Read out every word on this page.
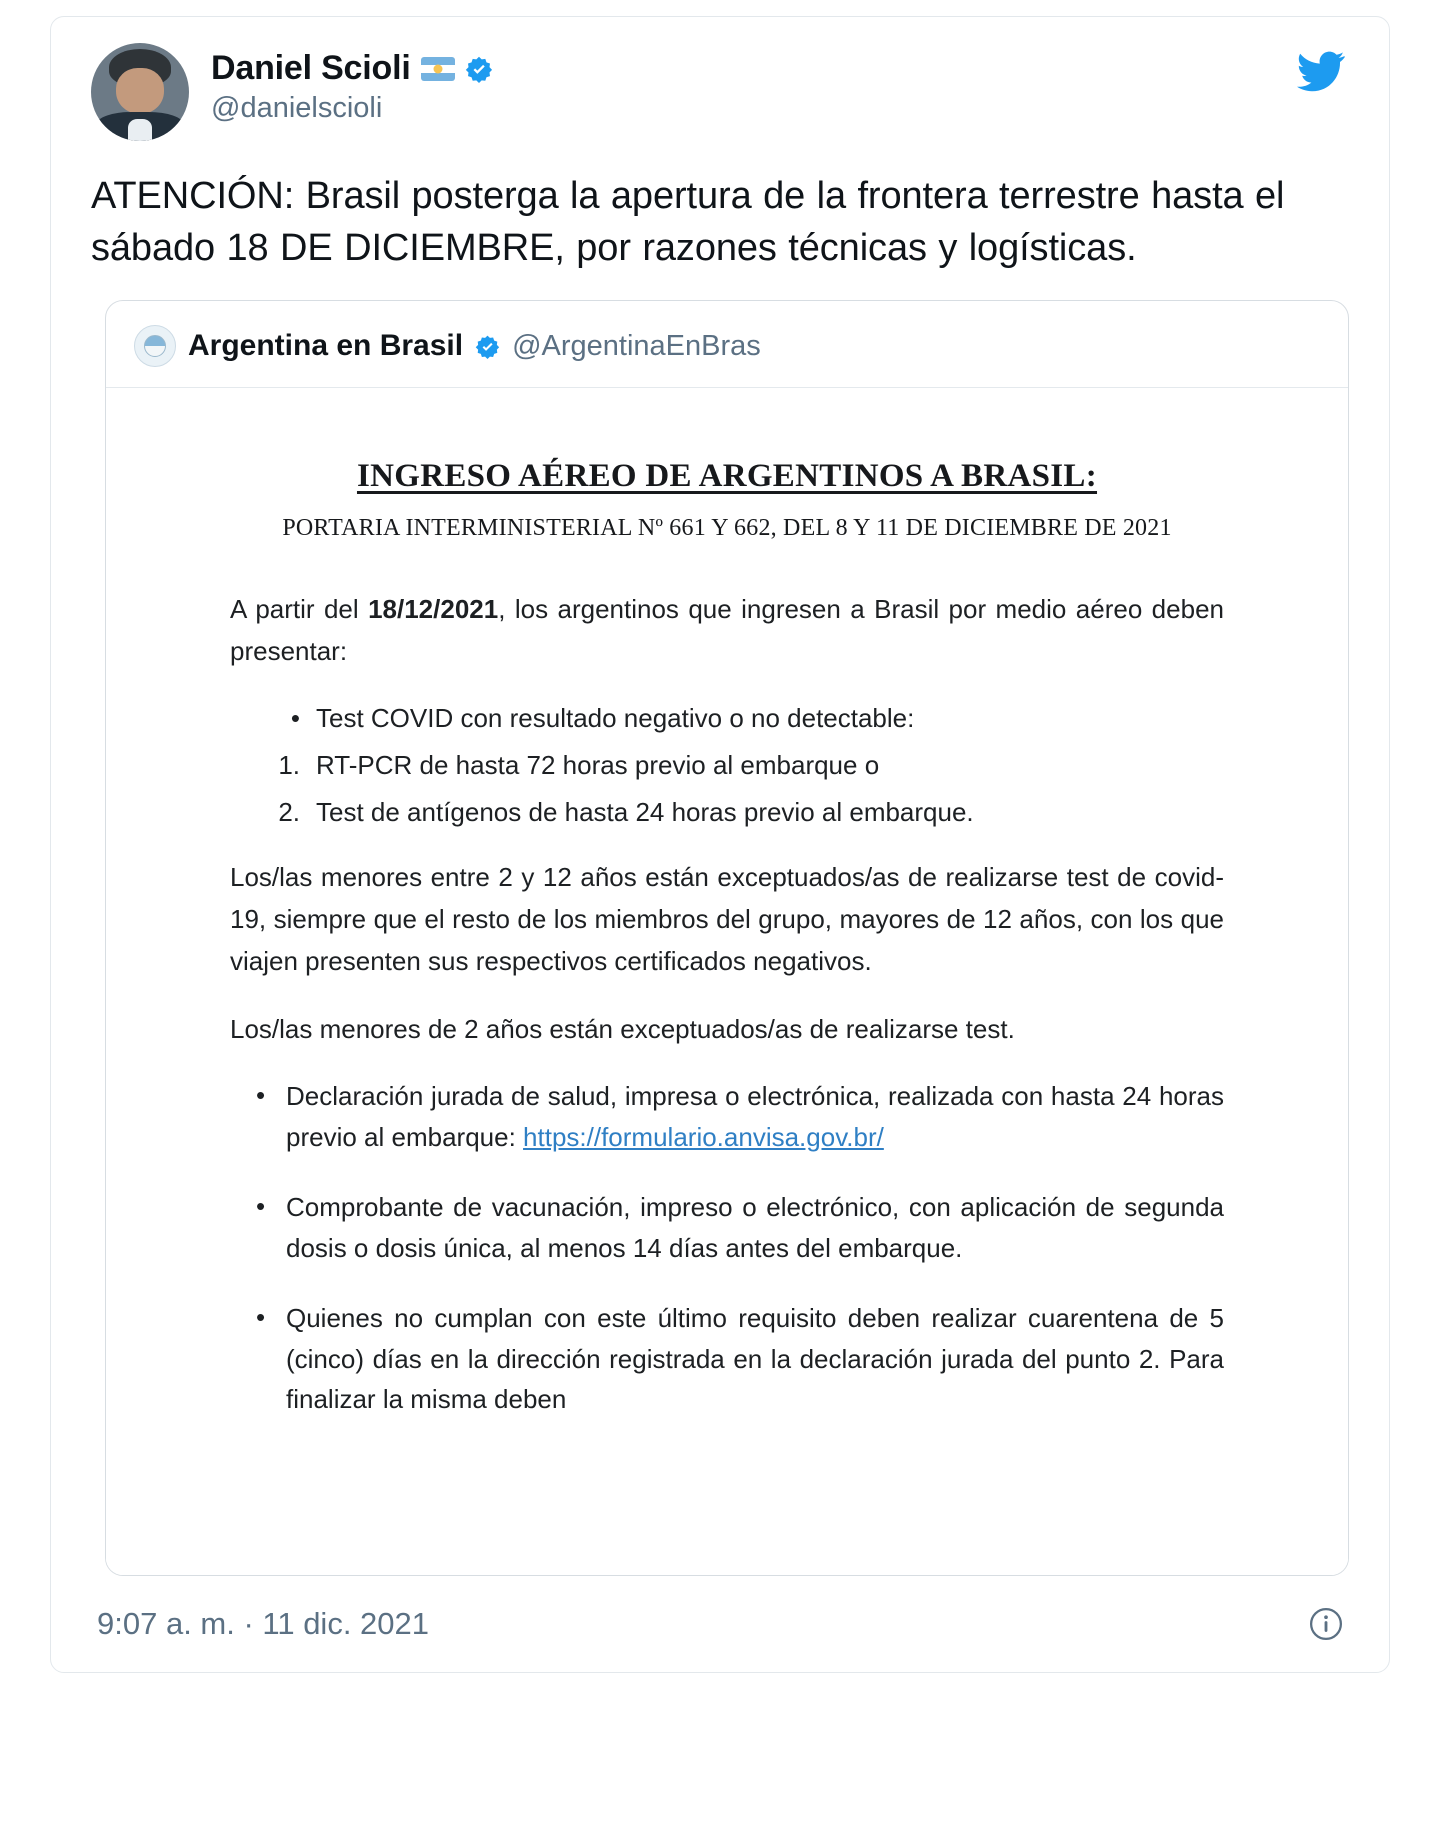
Daniel Scioli
@danielscioli
ATENCIÓN: Brasil posterga la apertura de la frontera terrestre hasta el sábado 18 DE DICIEMBRE, por razones técnicas y logísticas.
Argentina en Brasil @ArgentinaEnBras
INGRESO AÉREO DE ARGENTINOS A BRASIL:
PORTARIA INTERMINISTERIAL Nº 661 Y 662, DEL 8 Y 11 DE DICIEMBRE DE 2021

A partir del 18/12/2021, los argentinos que ingresen a Brasil por medio aéreo deben presentar:

• Test COVID con resultado negativo o no detectable:
1. RT-PCR de hasta 72 horas previo al embarque o
2. Test de antígenos de hasta 24 horas previo al embarque.

Los/las menores entre 2 y 12 años están exceptuados/as de realizarse test de covid-19, siempre que el resto de los miembros del grupo, mayores de 12 años, con los que viajen presenten sus respectivos certificados negativos.

Los/las menores de 2 años están exceptuados/as de realizarse test.

• Declaración jurada de salud, impresa o electrónica, realizada con hasta 24 horas previo al embarque: https://formulario.anvisa.gov.br/
• Comprobante de vacunación, impreso o electrónico, con aplicación de segunda dosis o dosis única, al menos 14 días antes del embarque.
• Quienes no cumplan con este último requisito deben realizar cuarentena de 5 (cinco) días en la dirección registrada en la declaración jurada del punto 2. Para finalizar la misma deben
9:07 a. m. · 11 dic. 2021
